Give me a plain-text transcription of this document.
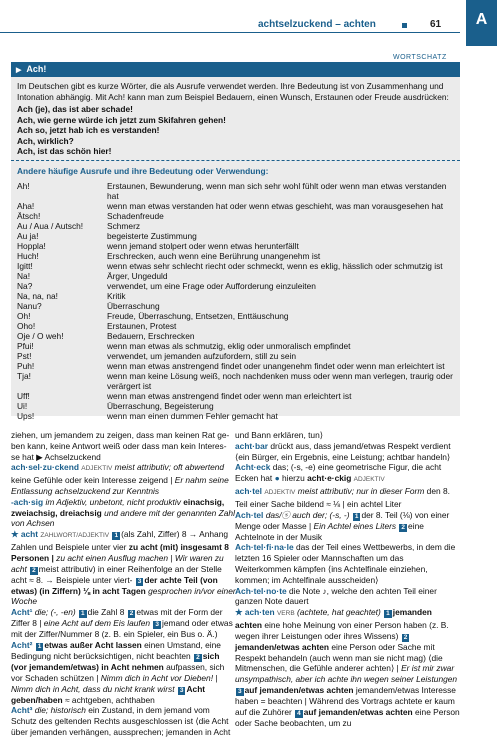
achtselzuckend – achten	61	A
WORTSCHATZ
▶ Ach!
Im Deutschen gibt es kurze Wörter, die als Ausrufe verwendet werden. Ihre Bedeutung ist von Zusammenhang und Intonation abhängig. Mit Ach! kann man zum Beispiel Bedauern, einen Wunsch, Erstaunen oder Freude ausdrücken:
Ach (je), das ist aber schade!
Ach, wie gerne würde ich jetzt zum Skifahren gehen!
Ach so, jetzt hab ich es verstanden!
Ach, wirklich?
Ach, ist das schön hier!
Andere häufige Ausrufe und ihre Bedeutung oder Verwendung:
Ah!	Erstaunen, Bewunderung, wenn man sich sehr wohl fühlt oder wenn man etwas verstanden hat
Aha!	wenn man etwas verstanden hat oder wenn etwas geschieht, was man vorausgesehen hat
Ätsch!	Schadenfreude
Au / Aua / Autsch!	Schmerz
Au ja!	begeisterte Zustimmung
Hoppla!	wenn jemand stolpert oder wenn etwas herunterfällt
Huch!	Erschrecken, auch wenn eine Berührung unangenehm ist
Igitt!	wenn etwas sehr schlecht riecht oder schmeckt, wenn es eklig, hässlich oder schmutzig ist
Na!	Ärger, Ungeduld
Na?	verwendet, um eine Frage oder Aufforderung einzuleiten
Na, na, na!	Kritik
Nanu?	Überraschung
Oh!	Freude, Überraschung, Entsetzen, Enttäuschung
Oho!	Erstaunen, Protest
Oje / O weh!	Bedauern, Erschrecken
Pfui!	wenn man etwas als schmutzig, eklig oder unmoralisch empfindet
Pst!	verwendet, um jemanden aufzufordern, still zu sein
Puh!	wenn man etwas anstrengend findet oder unangenehm findet oder wenn man erleichtert ist
Tja!	wenn man keine Lösung weiß, noch nachdenken muss oder wenn man verlegen, traurig oder verärgert ist
Uff!	wenn man etwas anstrengend findet oder wenn man erleichtert ist
Ui!	Überraschung, Begeisterung
Ups!	wenn man einen dummen Fehler gemacht hat

ziehen, um jemandem zu zeigen, dass man keinen Rat ge- ben kann, keine Antwort weiß oder dass man kein Interes- se hat ▶ Achselzuckend

ach·sel·zu·ckend ADJEKTIV meist attributiv; oft abwertend keine Gefühle oder kein Interesse zeigend | Er nahm seine Entlassung achselzuckend zur Kenntnis

-ach·sig im Adjektiv, unbetont, nicht produktiv einachsig, zweiachsig, dreiachsig und andere mit der genannten Zahl von Achsen

★ acht ZAHLWORT/ADJEKTIV 1 (als Zahl, Ziffer) 8 → Anhang Zahlen und Beispiele unter vier zu acht (mit) insgesamt 8 Personen | zu acht einen Ausflug machen | Wir waren zu acht 2 meist attributiv) in einer Reihenfolge an der Stelle acht ≈ 8. → Beispiele unter viert- 3 der achte Teil (von etwas) (in Ziffern) ⅛ in acht Tagen gesprochen in/vor einer Woche

Acht¹ die; (-, -en) 1 die Zahl 8 2 etwas mit der Form der Ziffer 8 | eine Acht auf dem Eis laufen 3 jemand oder etwas mit der Ziffer/Nummer 8 (z. B. ein Spieler, ein Bus o. Ä.)

Acht² 1 etwas außer Acht lassen einen Umstand, eine Bedingung nicht berücksichtigen, nicht beachten 2 sich (vor jemandem/etwas) in Acht nehmen aufpassen, sich vor Schaden schützen | Nimm dich in Acht vor Dieben! | Nimm dich in Acht, dass du nicht krank wirst 3 Acht geben/haben ≈ achtgeben, achthaben

Acht³ die; historisch ein Zustand, in dem jemand vom Schutz des geltenden Rechts ausgeschlossen ist ⟨die Acht über jemanden verhängen, aussprechen; jemanden in Acht

und Bann erklären, tun⟩

acht·bar drückt aus, dass jemand/etwas Respekt verdient ⟨ein Bürger, ein Ergebnis, eine Leistung; achtbar handeln⟩

Acht·eck das; (-s, -e) eine geometrische Figur, die acht Ecken hat ● hierzu acht·e·ckig ADJEKTIV

ach·tel ADJEKTIV meist attributiv; nur in dieser Form den 8. Teil einer Sache bildend ≈ ⅛ | ein achtel Liter

Ach·tel das/ⓢ auch der; (-s, -) 1 der 8. Teil (⅛) von einer Menge oder Masse | Ein Achtel eines Liters 2 eine Achtelnote in der Musik

Ach·tel·fi·na·le das der Teil eines Wettbewerbs, in dem die letzten 16 Spieler oder Mannschaften um das Weiterkommen kämpfen ⟨ins Achtelfinale einziehen, kommen; im Achtelfinale ausscheiden⟩

Ach·tel·no·te die Note ♪, welche den achten Teil einer ganzen Note dauert

★ ach·ten VERB (achtete, hat geachtet) 1 jemanden achten eine hohe Meinung von einer Person haben (z. B. wegen ihrer Leistungen oder ihres Wissens) 2jemanden/etwas achten eine Person oder Sache mit Respekt behandeln (auch wenn man sie nicht mag) ⟨die Mitmenschen, die Gefühle anderer achten⟩ | Er ist mir zwar unsympathisch, aber ich achte ihn wegen seiner Leistungen 3 auf jemanden/etwas achten jemandem/etwas Interesse haben = beachten | Während des Vortrags achtete er kaum auf die Zuhörer 4 auf jemanden/etwas achten eine Person oder Sache beobachten, um zu
